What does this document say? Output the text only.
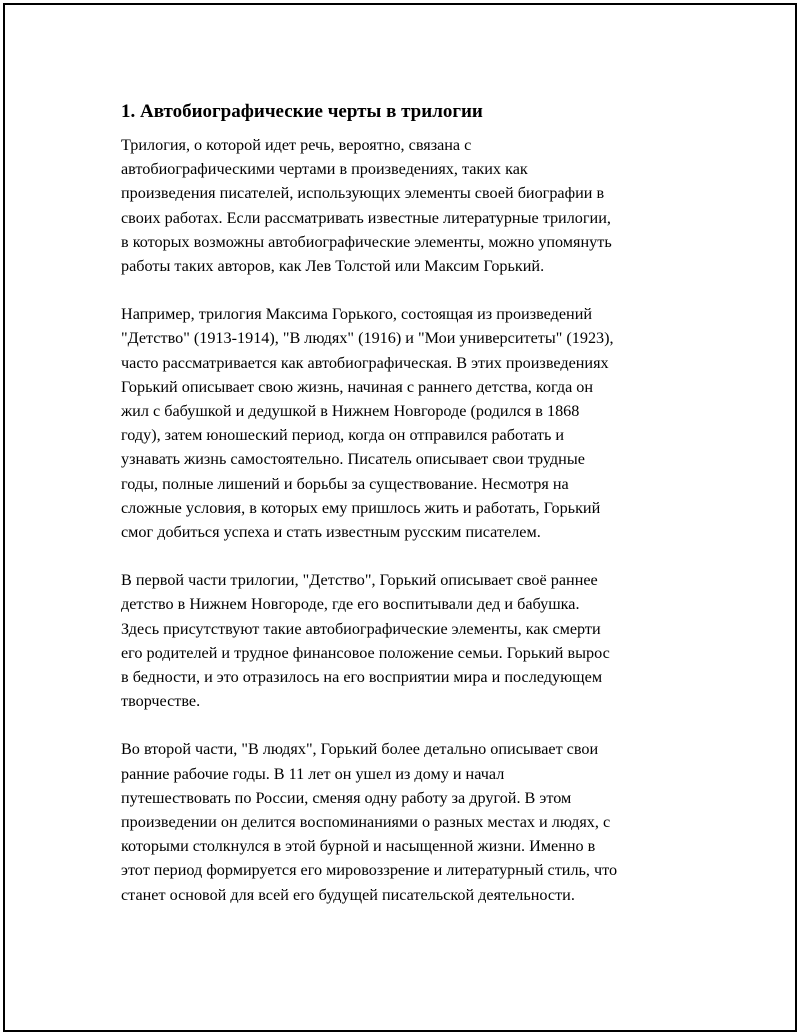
1. Автобиографические черты в трилогии

Трилогия, о которой идет речь, вероятно, связана с
автобиографическими чертами в произведениях, таких как
произведения писателей, использующих элементы своей биографии в
своих работах. Если рассматривать известные литературные трилогии,
в которых возможны автобиографические элементы, можно упомянуть
работы таких авторов, как Лев Толстой или Максим Горький.

Например, трилогия Максима Горького, состоящая из произведений
"Детство" (1913-1914), "В людях" (1916) и "Мои университеты" (1923),
часто рассматривается как автобиографическая. В этих произведениях
Горький описывает свою жизнь, начиная с раннего детства, когда он
жил с бабушкой и дедушкой в Нижнем Новгороде (родился в 1868
году), затем юношеский период, когда он отправился работать и
узнавать жизнь самостоятельно. Писатель описывает свои трудные
годы, полные лишений и борьбы за существование. Несмотря на
сложные условия, в которых ему пришлось жить и работать, Горький
смог добиться успеха и стать известным русским писателем.

В первой части трилогии, "Детство", Горький описывает своё раннее
детство в Нижнем Новгороде, где его воспитывали дед и бабушка.
Здесь присутствуют такие автобиографические элементы, как смерти
его родителей и трудное финансовое положение семьи. Горький вырос
в бедности, и это отразилось на его восприятии мира и последующем
творчестве.

Во второй части, "В людях", Горький более детально описывает свои
ранние рабочие годы. В 11 лет он ушел из дому и начал
путешествовать по России, сменяя одну работу за другой. В этом
произведении он делится воспоминаниями о разных местах и людях, с
которыми столкнулся в этой бурной и насыщенной жизни. Именно в
этот период формируется его мировоззрение и литературный стиль, что
станет основой для всей его будущей писательской деятельности.
